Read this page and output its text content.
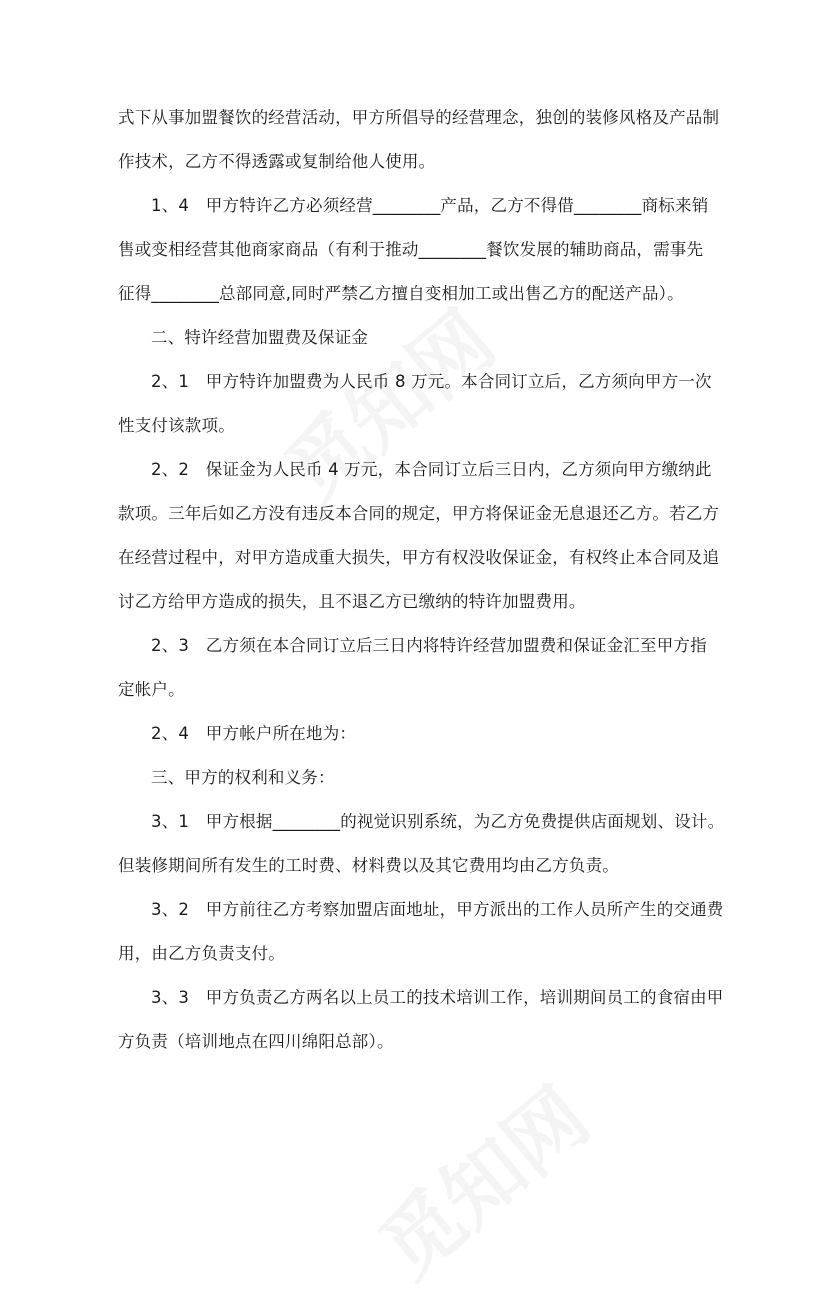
式下从事加盟餐饮的经营活动，甲方所倡导的经营理念，独创的装修风格及产品制
作技术，乙方不得透露或复制给他人使用。
1、4　甲方特许乙方必须经营________产品，乙方不得借________商标来销
售或变相经营其他商家商品（有利于推动________餐饮发展的辅助商品，需事先
征得________总部同意,同时严禁乙方擅自变相加工或出售乙方的配送产品）。
二、特许经营加盟费及保证金
2、1　甲方特许加盟费为人民币 8 万元。本合同订立后，乙方须向甲方一次
性支付该款项。
2、2　保证金为人民币 4 万元，本合同订立后三日内，乙方须向甲方缴纳此
款项。三年后如乙方没有违反本合同的规定，甲方将保证金无息退还乙方。若乙方
在经营过程中，对甲方造成重大损失，甲方有权没收保证金，有权终止本合同及追
讨乙方给甲方造成的损失，且不退乙方已缴纳的特许加盟费用。
2、3　乙方须在本合同订立后三日内将特许经营加盟费和保证金汇至甲方指
定帐户。
2、4　甲方帐户所在地为：
三、甲方的权利和义务：
3、1　甲方根据________的视觉识别系统，为乙方免费提供店面规划、设计。
但装修期间所有发生的工时费、材料费以及其它费用均由乙方负责。
3、2　甲方前往乙方考察加盟店面地址，甲方派出的工作人员所产生的交通费
用，由乙方负责支付。
3、3　甲方负责乙方两名以上员工的技术培训工作，培训期间员工的食宿由甲
方负责（培训地点在四川绵阳总部）。
